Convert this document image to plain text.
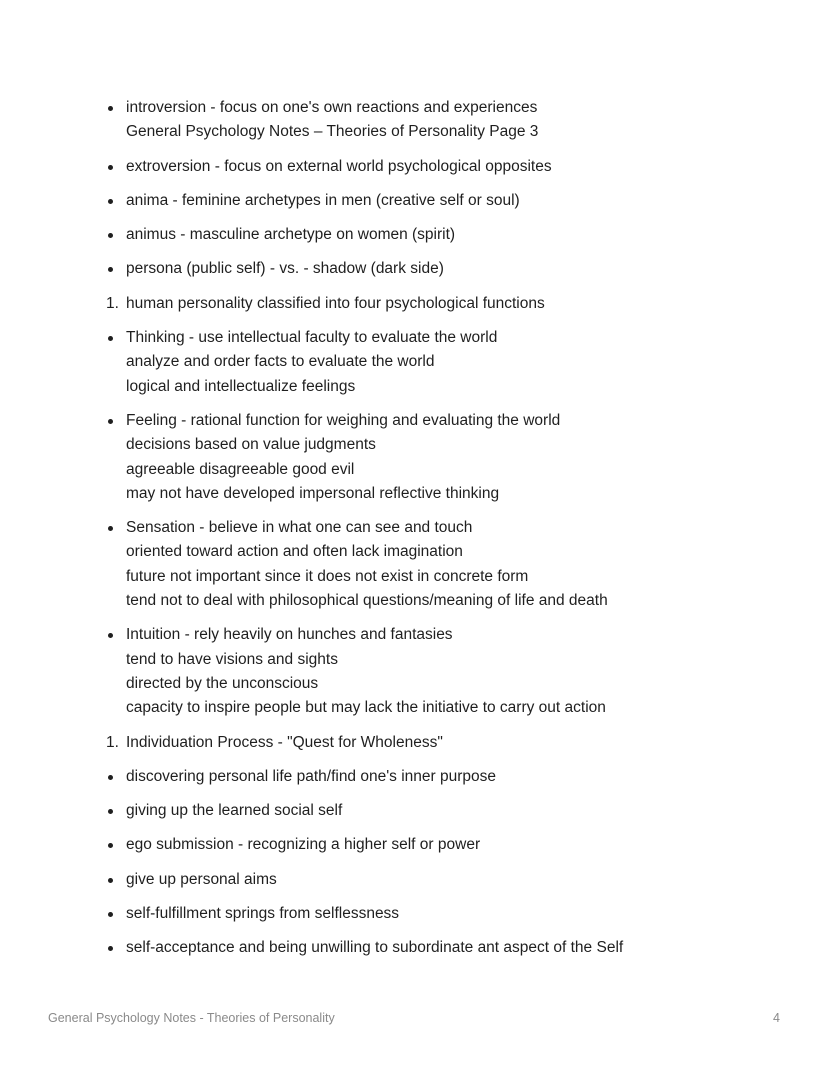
introversion - focus on one's own reactions and experiences
General Psychology Notes – Theories of Personality Page 3
extroversion - focus on external world psychological opposites
anima - feminine archetypes in men (creative self or soul)
animus - masculine archetype on women (spirit)
persona (public self) - vs. - shadow (dark side)
1. human personality classified into four psychological functions
Thinking - use intellectual faculty to evaluate the world
analyze and order facts to evaluate the world
logical and intellectualize feelings
Feeling - rational function for weighing and evaluating the world
decisions based on value judgments
agreeable disagreeable good evil
may not have developed impersonal reflective thinking
Sensation - believe in what one can see and touch
oriented toward action and often lack imagination
future not important since it does not exist in concrete form
tend not to deal with philosophical questions/meaning of life and death
Intuition - rely heavily on hunches and fantasies
tend to have visions and sights
directed by the unconscious
capacity to inspire people but may lack the initiative to carry out action
1. Individuation Process - "Quest for Wholeness"
discovering personal life path/find one's inner purpose
giving up the learned social self
ego submission - recognizing a higher self or power
give up personal aims
self-fulfillment springs from selflessness
self-acceptance and being unwilling to subordinate ant aspect of the Self
General Psychology Notes - Theories of Personality	4
